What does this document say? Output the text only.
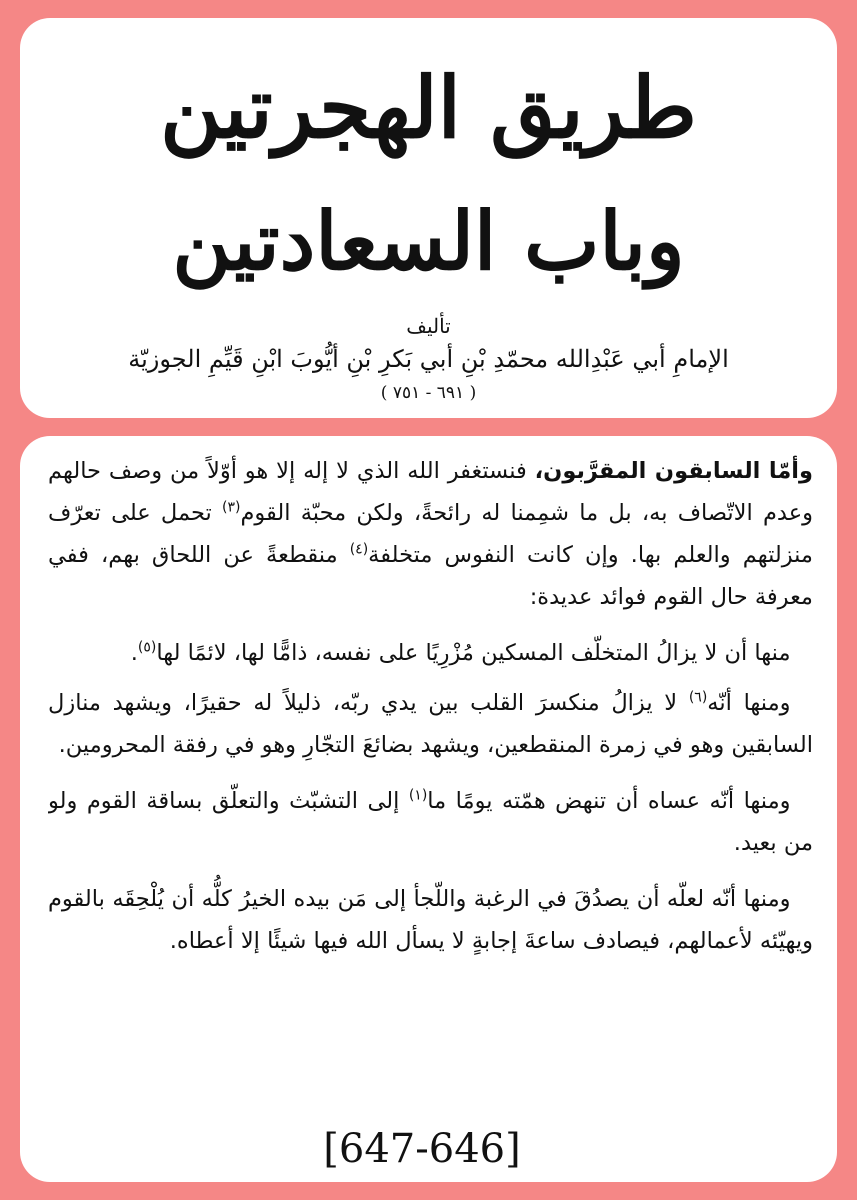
طريق الهجرتين
وباب السعادتين
تأليف
الإمامِ أبي عَبْدِالله محمّدِ بْنِ أبي بَكرِ بْنِ أيُّوبَ ابْنِ قَيِّمِ الجوزيّة
( ٦٩١ - ٧٥١ )

وأمّا السابقون المقرَّبون، فنستغفر الله الذي لا إله إلا هو أوّلاً من وصف حالهم وعدم الاتّصاف به، بل ما شمِمنا له رائحةً، ولكن محبّة القوم$^{(٣)}$ تحمل على تعرّف منزلتهم والعلم بها. وإن كانت النفوس متخلفة$^{(٤)}$ منقطعةً عن اللحاق بهم، ففي معرفة حال القوم فوائد عديدة:

 منها أن لا يزالُ المتخلّف المسكين مُزْرِيًا على نفسه، ذامًّا لها، لائمًا لها$^{(٥)}$.

 ومنها أنّه$^{(٦)}$ لا يزالُ منكسرَ القلب بين يدي ربّه، ذليلاً له حقيرًا، ويشهد منازل السابقين وهو في زمرة المنقطعين، ويشهد بضائعَ التجّارِ وهو في رفقة المحرومين.

 ومنها أنّه عساه أن تنهض همّته يومًا ما$^{(١)}$ إلى التشبّث والتعلّق بساقة القوم ولو من بعيد.

 ومنها أنّه لعلّه أن يصدُقَ في الرغبة واللّجأ إلى مَن بيده الخيرُ كلُّه أن يُلْحِقَه بالقوم ويهيّئه لأعمالهم، فيصادف ساعةَ إجابةٍ لا يسأل الله فيها شيئًا إلا أعطاه.

[647-646]
